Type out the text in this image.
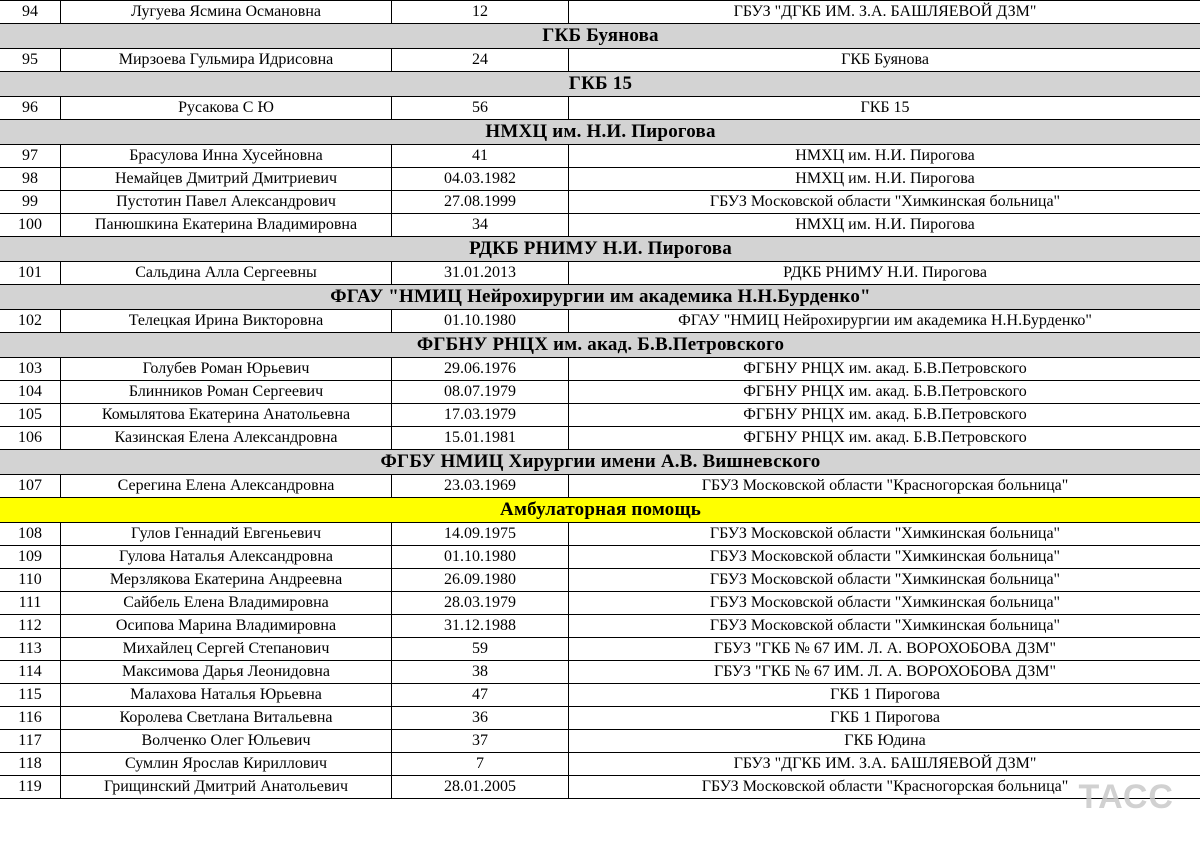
94	Лугуева Ясмина Османовна	12	ГБУЗ "ДГКБ ИМ. З.А. БАШЛЯЕВОЙ ДЗМ"
ГКБ Буянова			
95	Мирзоева Гульмира Идрисовна	24	ГКБ Буянова
ГКБ 15			
96	Русакова С Ю	56	ГКБ 15
НМХЦ им. Н.И. Пирогова			
97	Брасулова Инна Хусейновна	41	НМХЦ им. Н.И. Пирогова
98	Немайцев Дмитрий Дмитриевич	04.03.1982	НМХЦ им. Н.И. Пирогова
99	Пустотин Павел Александрович	27.08.1999	ГБУЗ Московской области "Химкинская больница"
100	Панюшкина Екатерина Владимировна	34	НМХЦ им. Н.И. Пирогова
РДКБ РНИМУ Н.И. Пирогова			
101	Сальдина Алла Сергеевны	31.01.2013	РДКБ РНИМУ Н.И. Пирогова
ФГАУ "НМИЦ Нейрохирургии им академика Н.Н.Бурденко"			
102	Телецкая Ирина Викторовна	01.10.1980	ФГАУ "НМИЦ Нейрохирургии им академика Н.Н.Бурденко"
ФГБНУ РНЦХ им. акад. Б.В.Петровского			
103	Голубев Роман Юрьевич	29.06.1976	ФГБНУ РНЦХ им. акад. Б.В.Петровского
104	Блинников Роман Сергеевич	08.07.1979	ФГБНУ РНЦХ им. акад. Б.В.Петровского
105	Комылятова Екатерина Анатольевна	17.03.1979	ФГБНУ РНЦХ им. акад. Б.В.Петровского
106	Казинская Елена Александровна	15.01.1981	ФГБНУ РНЦХ им. акад. Б.В.Петровского
ФГБУ НМИЦ Хирургии имени А.В. Вишневского			
107	Серегина Елена Александровна	23.03.1969	ГБУЗ Московской области "Красногорская больница"
Амбулаторная помощь			
108	Гулов Геннадий Евгеньевич	14.09.1975	ГБУЗ Московской области "Химкинская больница"
109	Гулова Наталья Александровна	01.10.1980	ГБУЗ Московской области "Химкинская больница"
110	Мерзлякова Екатерина Андреевна	26.09.1980	ГБУЗ Московской области "Химкинская больница"
111	Сайбель Елена Владимировна	28.03.1979	ГБУЗ Московской области "Химкинская больница"
112	Осипова Марина Владимировна	31.12.1988	ГБУЗ Московской области "Химкинская больница"
113	Михайлец Сергей Степанович	59	ГБУЗ "ГКБ № 67 ИМ. Л. А. ВОРОХОБОВА ДЗМ"
114	Максимова Дарья Леонидовна	38	ГБУЗ "ГКБ № 67 ИМ. Л. А. ВОРОХОБОВА ДЗМ"
115	Малахова Наталья Юрьевна	47	ГКБ 1 Пирогова
116	Королева Светлана Витальевна	36	ГКБ 1 Пирогова
117	Волченко Олег Юльевич	37	ГКБ Юдина
118	Сумлин Ярослав Кириллович	7	ГБУЗ "ДГКБ ИМ. З.А. БАШЛЯЕВОЙ ДЗМ"
119	Грищинский Дмитрий Анатольевич	28.01.2005	ГБУЗ Московской области "Красногорская больница" ТАСС
